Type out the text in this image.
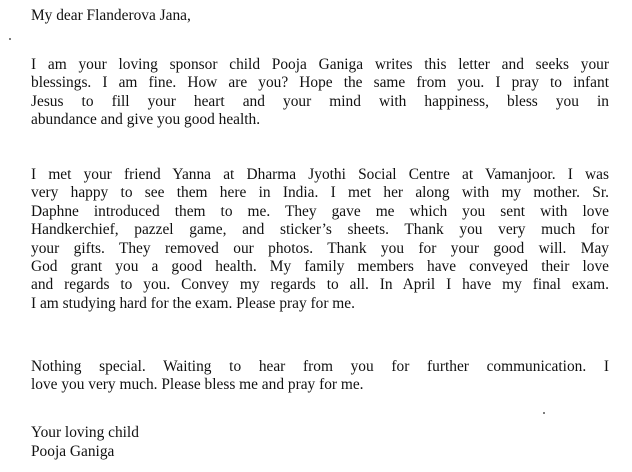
My dear Flanderova Jana,

I am your loving sponsor child Pooja Ganiga writes this letter and seeks your
blessings. I am fine. How are you? Hope the same from you. I pray to infant
Jesus to fill your heart and your mind with happiness, bless you in
abundance and give you good health.
I met your friend Yanna at Dharma Jyothi Social Centre at Vamanjoor. I was
very happy to see them here in India. I met her along with my mother. Sr.
Daphne introduced them to me. They gave me which you sent with love
Handkerchief, pazzel game, and sticker’s sheets. Thank you very much for
your gifts. They removed our photos. Thank you for your good will. May
God grant you a good health. My family members have conveyed their love
and regards to you. Convey my regards to all. In April I have my final exam.
I am studying hard for the exam. Please pray for me.
Nothing special. Waiting to hear from you for further communication. I
love you very much. Please bless me and pray for me.

Your loving child

Pooja Ganiga
